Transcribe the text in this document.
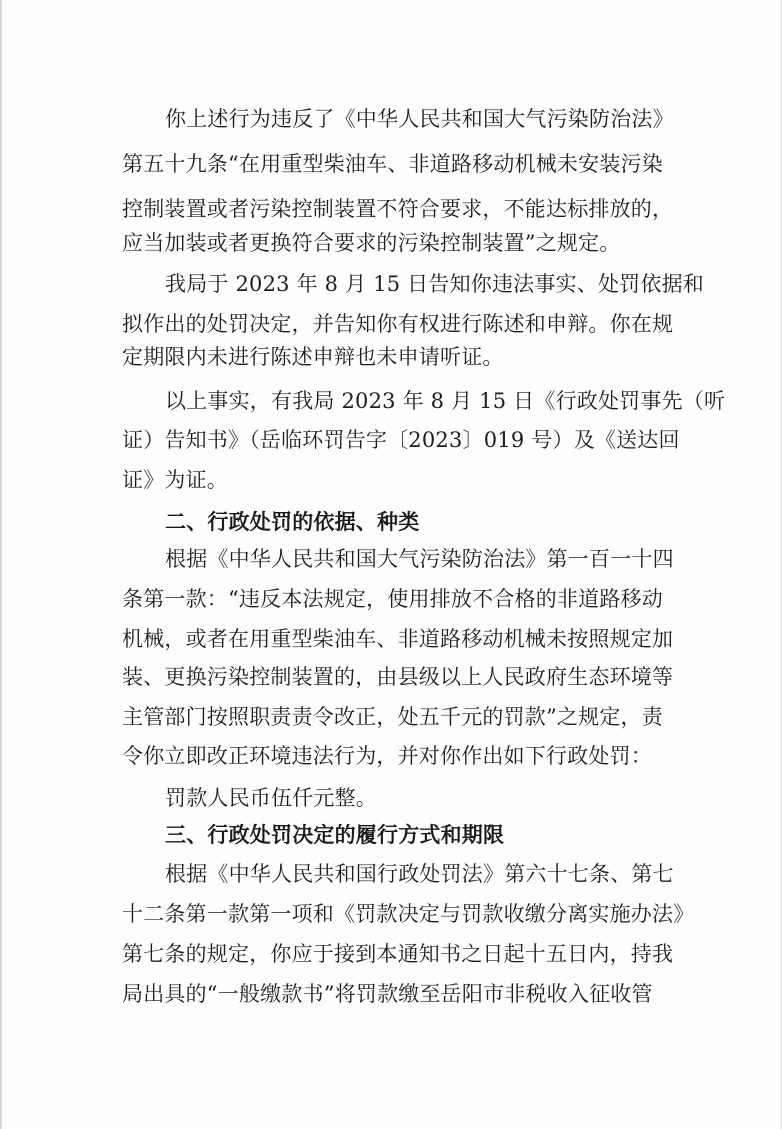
你上述行为违反了《中华人民共和国大气污染防治法》
第五十九条“在用重型柴油车、非道路移动机械未安装污染
控制装置或者污染控制装置不符合要求，不能达标排放的，
应当加装或者更换符合要求的污染控制装置”之规定。
我局于 2023 年 8 月 15 日告知你违法事实、处罚依据和
拟作出的处罚决定，并告知你有权进行陈述和申辩。你在规
定期限内未进行陈述申辩也未申请听证。
以上事实，有我局 2023 年 8 月 15 日《行政处罚事先（听
证）告知书》（岳临环罚告字〔2023〕019 号）及《送达回
证》为证。
二、行政处罚的依据、种类
根据《中华人民共和国大气污染防治法》第一百一十四
条第一款：“违反本法规定，使用排放不合格的非道路移动
机械，或者在用重型柴油车、非道路移动机械未按照规定加
装、更换污染控制装置的，由县级以上人民政府生态环境等
主管部门按照职责责令改正，处五千元的罚款”之规定，责
令你立即改正环境违法行为，并对你作出如下行政处罚：
罚款人民币伍仟元整。
三、行政处罚决定的履行方式和期限
根据《中华人民共和国行政处罚法》第六十七条、第七
十二条第一款第一项和《罚款决定与罚款收缴分离实施办法》
第七条的规定，你应于接到本通知书之日起十五日内，持我
局出具的“一般缴款书”将罚款缴至岳阳市非税收入征收管
